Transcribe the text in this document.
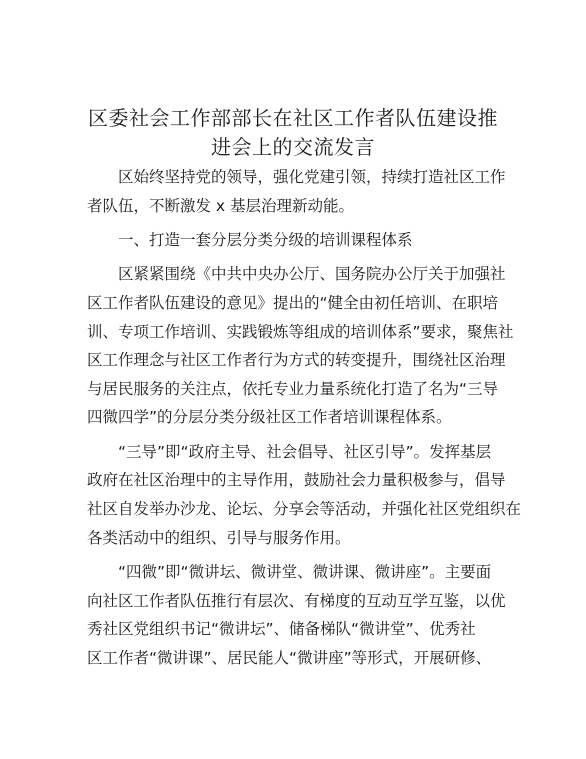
区委社会工作部部长在社区工作者队伍建设推
进会上的交流发言
区始终坚持党的领导，强化党建引领，持续打造社区工作
者队伍，不断激发 x 基层治理新动能。
一、打造一套分层分类分级的培训课程体系
区紧紧围绕《中共中央办公厅、国务院办公厅关于加强社
区工作者队伍建设的意见》提出的“健全由初任培训、在职培
训、专项工作培训、实践锻炼等组成的培训体系”要求，聚焦社
区工作理念与社区工作者行为方式的转变提升，围绕社区治理
与居民服务的关注点，依托专业力量系统化打造了名为“三导
四微四学”的分层分类分级社区工作者培训课程体系。
“三导”即“政府主导、社会倡导、社区引导”。发挥基层
政府在社区治理中的主导作用，鼓励社会力量积极参与，倡导
社区自发举办沙龙、论坛、分享会等活动，并强化社区党组织在
各类活动中的组织、引导与服务作用。
“四微”即“微讲坛、微讲堂、微讲课、微讲座”。主要面
向社区工作者队伍推行有层次、有梯度的互动互学互鉴，以优
秀社区党组织书记“微讲坛”、储备梯队“微讲堂”、优秀社
区工作者“微讲课”、居民能人“微讲座”等形式，开展研修、
